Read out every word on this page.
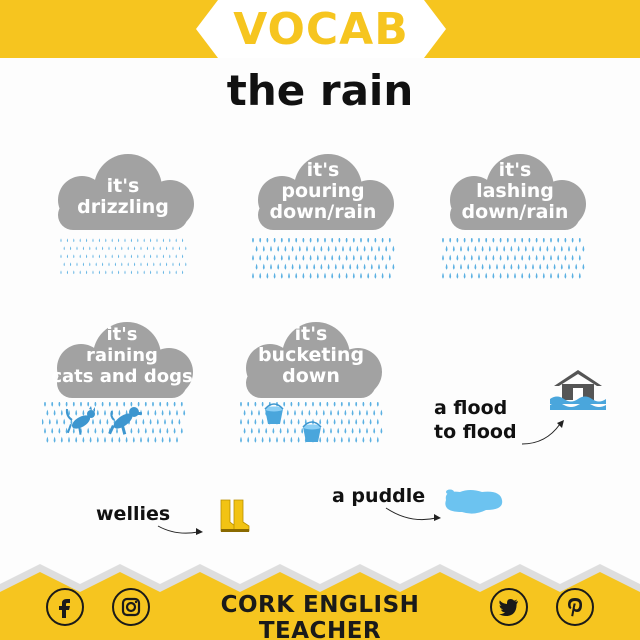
VOCAB
the rain
it's
drizzling
it's
pouring
down/rain
it's
lashing
down/rain
it's
raining
cats and dogs
it's
bucketing
down
a flood
to flood
wellies
a puddle
CORK ENGLISH TEACHER
